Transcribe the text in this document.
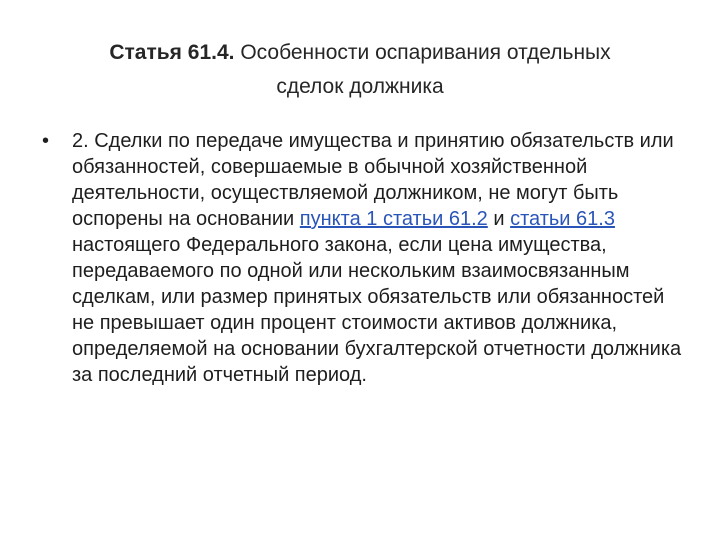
Статья 61.4. Особенности оспаривания отдельных
сделок должника
•	2. Сделки по передаче имущества и принятию обязательств или обязанностей, совершаемые в обычной хозяйственной деятельности, осуществляемой должником, не могут быть оспорены на основании пункта 1 статьи 61.2 и статьи 61.3 настоящего Федерального закона, если цена имущества, передаваемого по одной или нескольким взаимосвязанным сделкам, или размер принятых обязательств или обязанностей не превышает один процент стоимости активов должника, определяемой на основании бухгалтерской отчетности должника за последний отчетный период.
